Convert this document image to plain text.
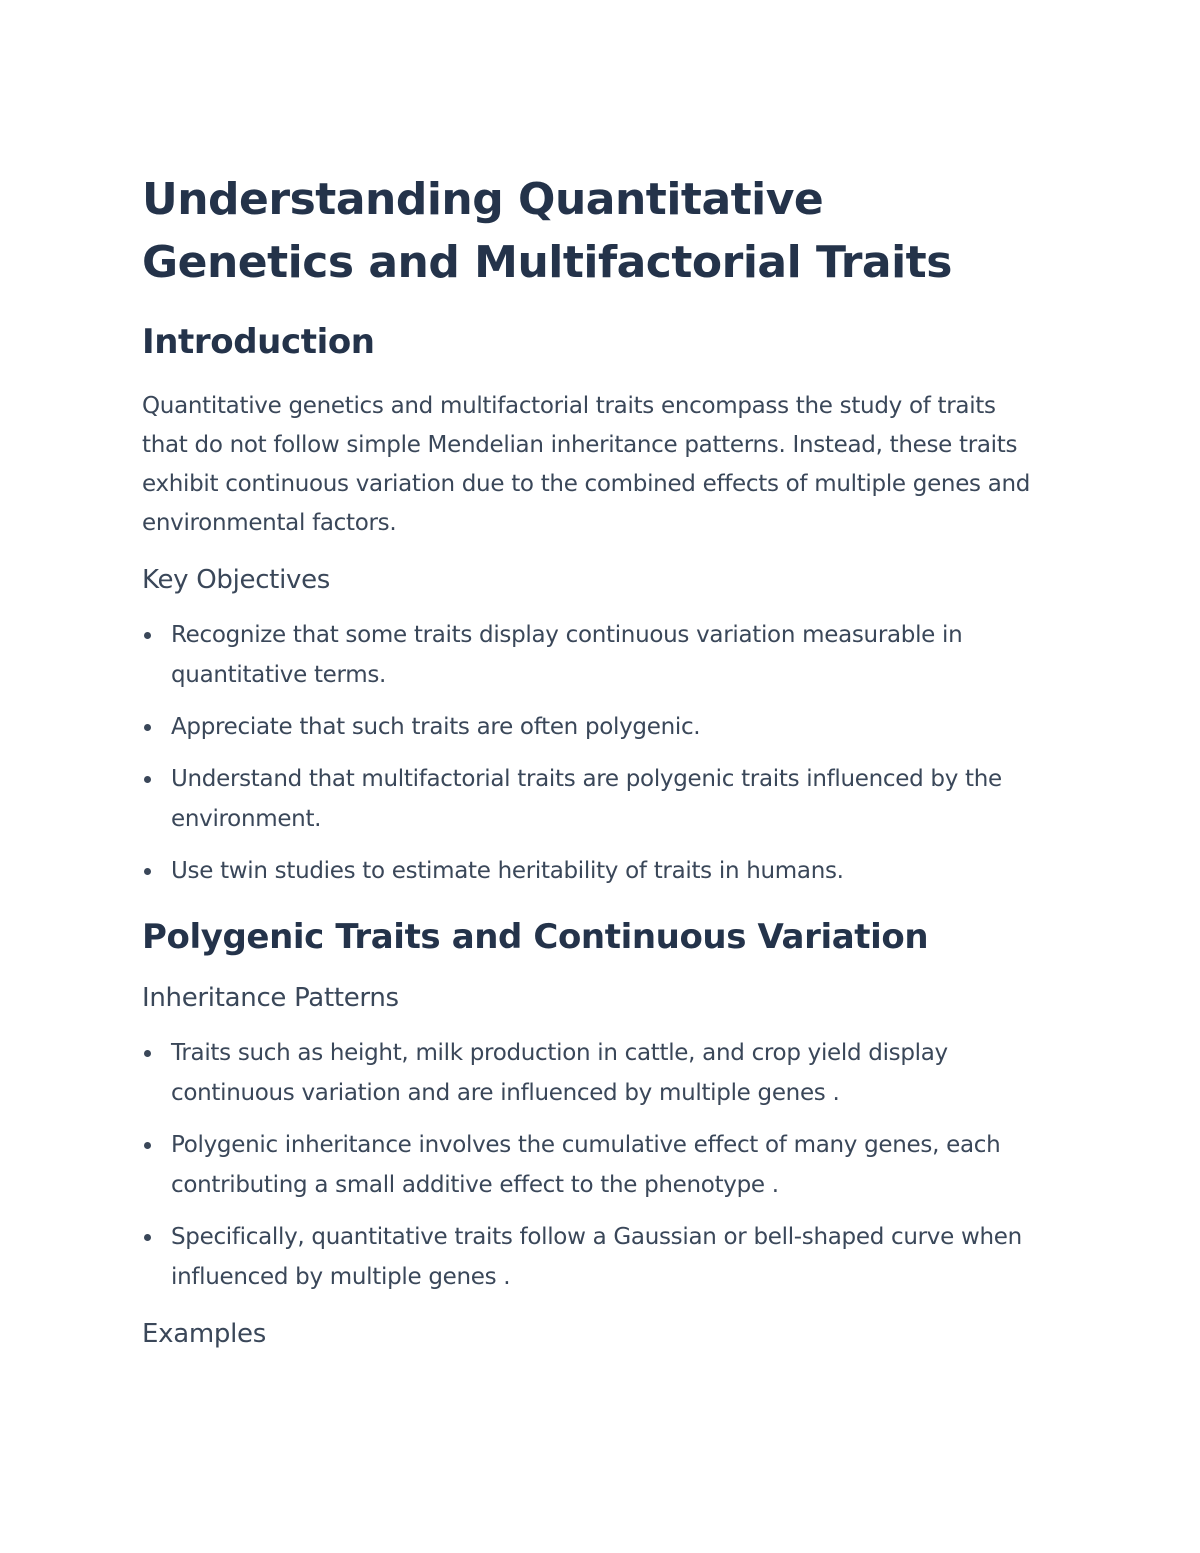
Understanding Quantitative Genetics and Multifactorial Traits
Introduction

Quantitative genetics and multifactorial traits encompass the study of traits that do not follow simple Mendelian inheritance patterns. Instead, these traits exhibit continuous variation due to the combined effects of multiple genes and environmental factors.

Key Objectives
Recognize that some traits display continuous variation measurable in quantitative terms.
Appreciate that such traits are often polygenic.
Understand that multifactorial traits are polygenic traits influenced by the environment.
Use twin studies to estimate heritability of traits in humans.
Polygenic Traits and Continuous Variation
Inheritance Patterns
Traits such as height, milk production in cattle, and crop yield display continuous variation and are influenced by multiple genes .
Polygenic inheritance involves the cumulative effect of many genes, each contributing a small additive effect to the phenotype .
Specifically, quantitative traits follow a Gaussian or bell-shaped curve when influenced by multiple genes .
Examples
